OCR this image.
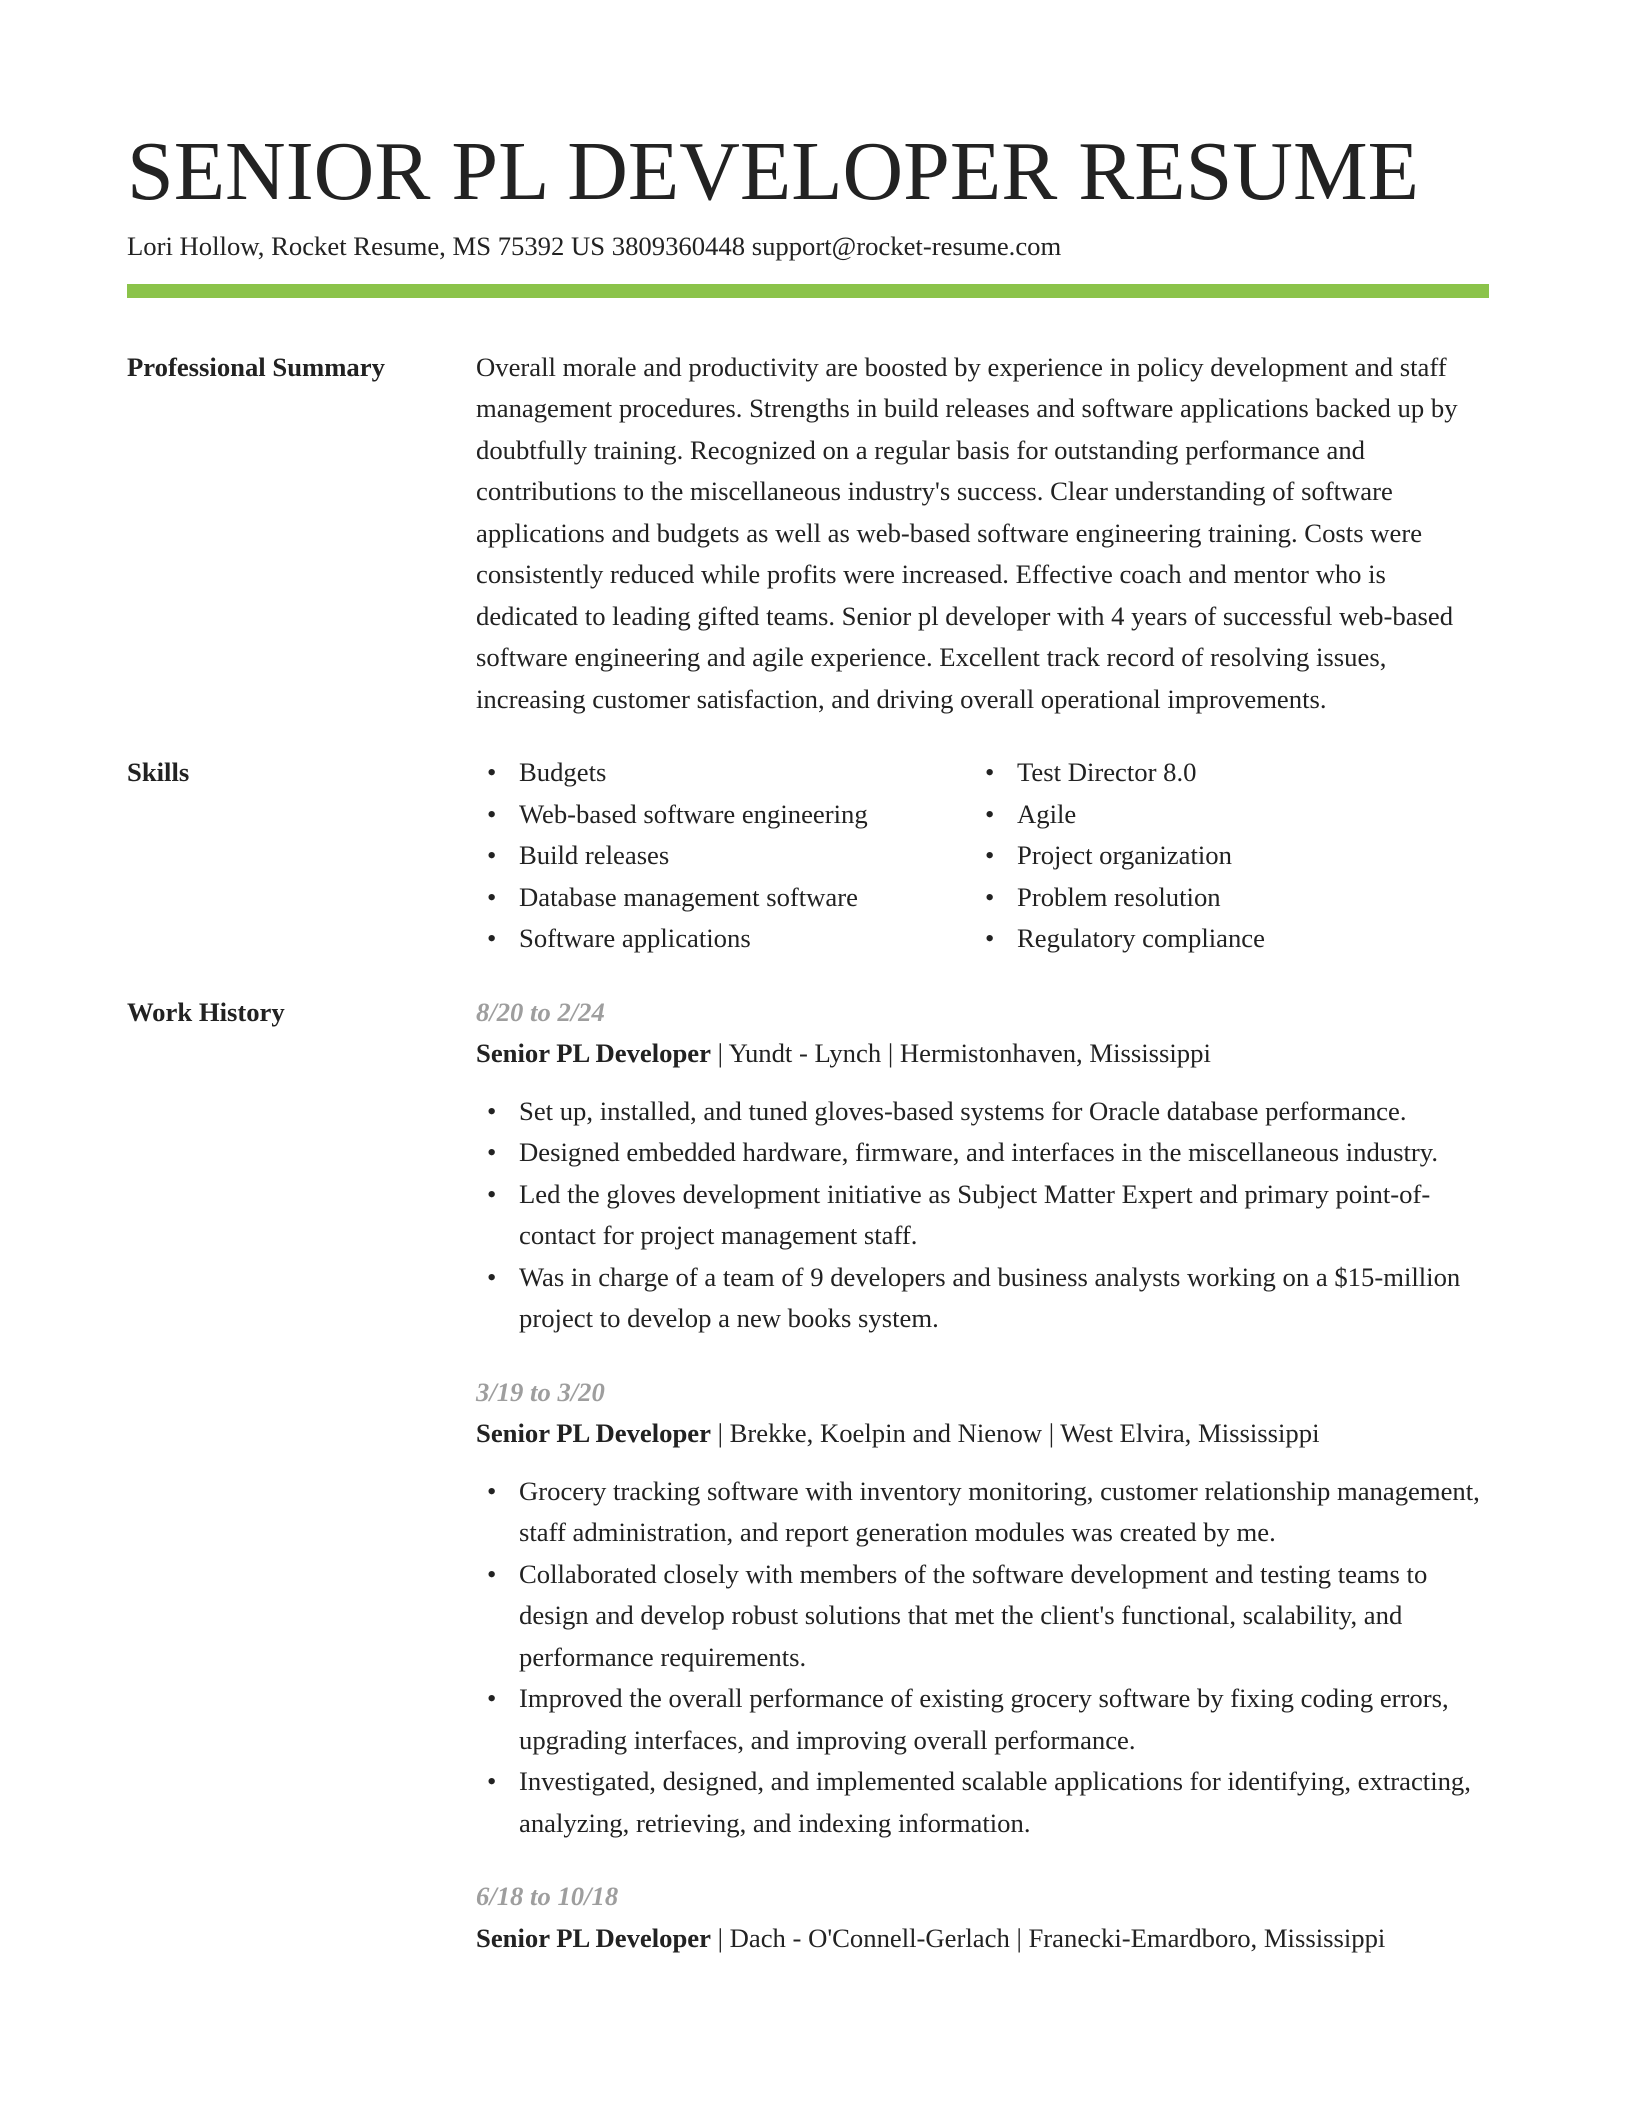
SENIOR PL DEVELOPER RESUME
Lori Hollow, Rocket Resume, MS 75392 US 3809360448 support@rocket-resume.com
Professional Summary	Overall morale and productivity are boosted by experience in policy development and staff management procedures. Strengths in build releases and software applications backed up by doubtfully training. Recognized on a regular basis for outstanding performance and contributions to the miscellaneous industry's success. Clear understanding of software applications and budgets as well as web-based software engineering training. Costs were consistently reduced while profits were increased. Effective coach and mentor who is dedicated to leading gifted teams. Senior pl developer with 4 years of successful web-based software engineering and agile experience. Excellent track record of resolving issues, increasing customer satisfaction, and driving overall operational improvements.

Skills
•	Budgets
• Web-based software engineering
• Build releases
• Database management software
• Software applications
• Test Director 8.0
• Agile
• Project organization
• Problem resolution
• Regulatory compliance
Work History	8/20 to 2/24
Senior PL Developer | Yundt - Lynch | Hermistonhaven, Mississippi
• Set up, installed, and tuned gloves-based systems for Oracle database performance.
• Designed embedded hardware, firmware, and interfaces in the miscellaneous industry.
• Led the gloves development initiative as Subject Matter Expert and primary point-of-contact for project management staff.
• Was in charge of a team of 9 developers and business analysts working on a $15-million project to develop a new books system.
3/19 to 3/20
Senior PL Developer | Brekke, Koelpin and Nienow | West Elvira, Mississippi
• Grocery tracking software with inventory monitoring, customer relationship management, staff administration, and report generation modules was created by me.
• Collaborated closely with members of the software development and testing teams to design and develop robust solutions that met the client's functional, scalability, and performance requirements.
• Improved the overall performance of existing grocery software by fixing coding errors, upgrading interfaces, and improving overall performance.
• Investigated, designed, and implemented scalable applications for identifying, extracting, analyzing, retrieving, and indexing information.
6/18 to 10/18
Senior PL Developer | Dach - O'Connell-Gerlach | Franecki-Emardboro, Mississippi
